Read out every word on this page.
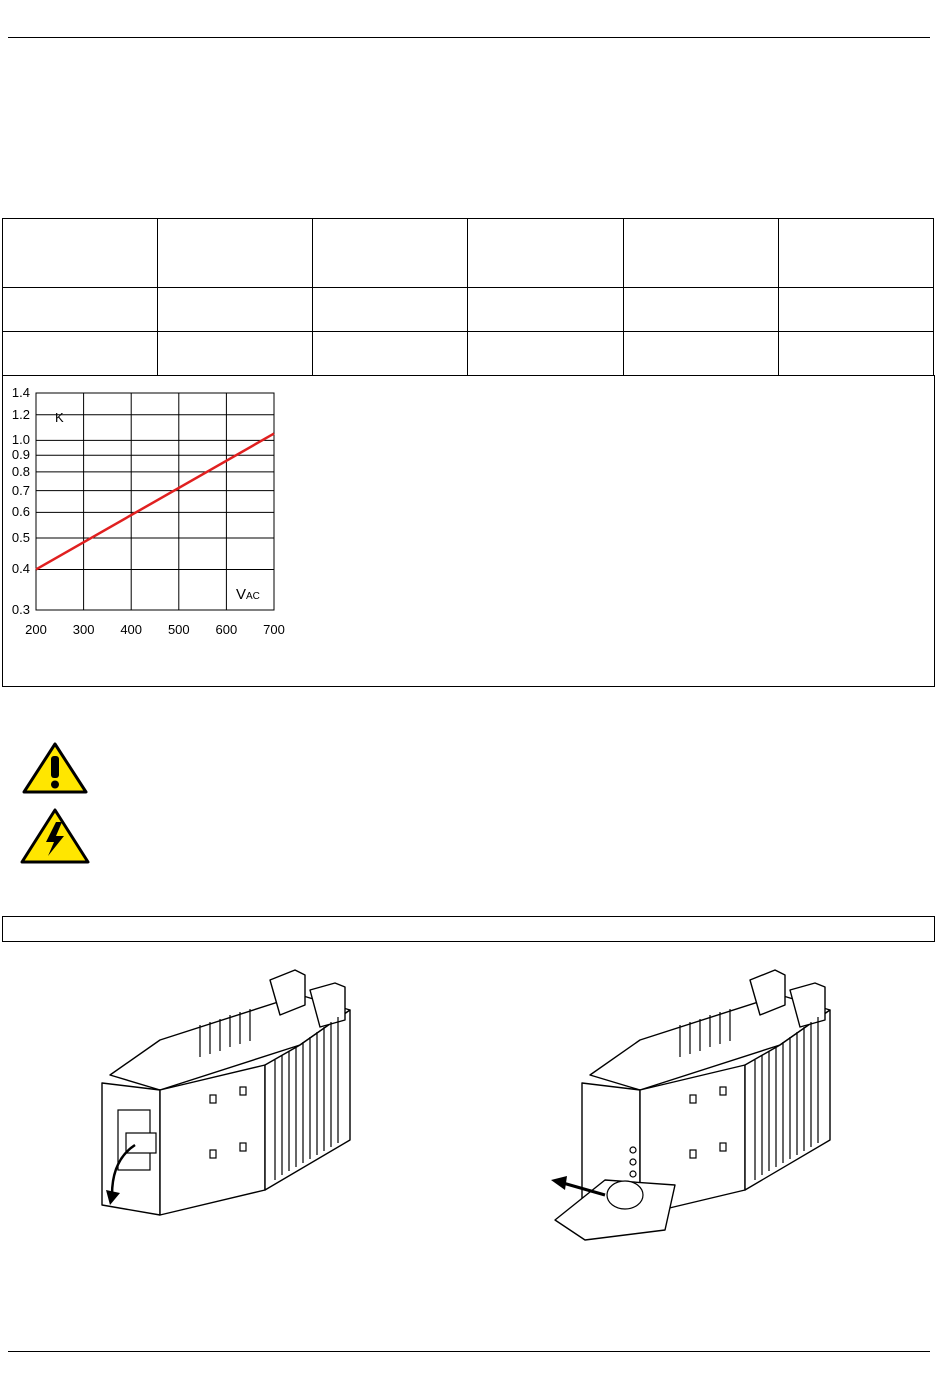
K
VAC
0.3
0.4
0.5
0.6
0.7
0.8
0.9
1.0
1.2
1.4
200	300	400	500	600	700
